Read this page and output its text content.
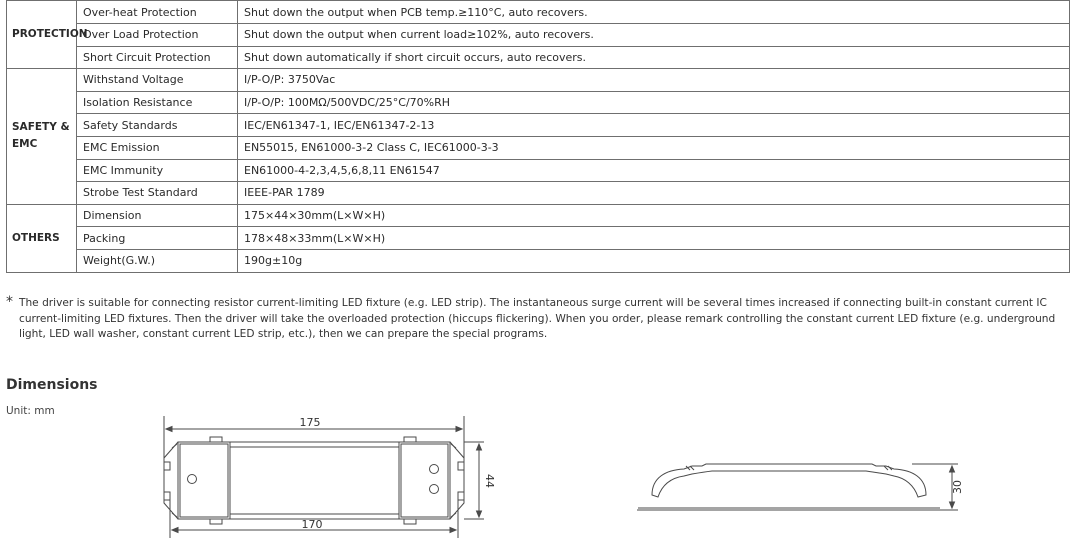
PROTECTION	Over-heat Protection	Shut down the output when PCB temp.≥110°C, auto recovers.
	Over Load Protection	Shut down the output when current load≥102%, auto recovers.
	Short Circuit Protection	Shut down automatically if short circuit occurs, auto recovers.
SAFETY & EMC	Withstand Voltage	I/P-O/P: 3750Vac
	Isolation Resistance	I/P-O/P: 100MΩ/500VDC/25°C/70%RH
	Safety Standards	IEC/EN61347-1, IEC/EN61347-2-13
	EMC Emission	EN55015, EN61000-3-2 Class C, IEC61000-3-3
	EMC Immunity	EN61000-4-2,3,4,5,6,8,11 EN61547
	Strobe Test Standard	IEEE-PAR 1789
OTHERS	Dimension	175×44×30mm(L×W×H)
	Packing	178×48×33mm(L×W×H)
	Weight(G.W.)	190g±10g
* The driver is suitable for connecting resistor current-limiting LED fixture (e.g. LED strip). The instantaneous surge current will be several times increased if connecting built-in constant current IC current-limiting LED fixtures. Then the driver will take the overloaded protection (hiccups flickering). When you order, please remark controlling the constant current LED fixture (e.g. underground light, LED wall washer, constant current LED strip, etc.), then we can prepare the special programs.
Dimensions
Unit: mm
175
170
44	30
